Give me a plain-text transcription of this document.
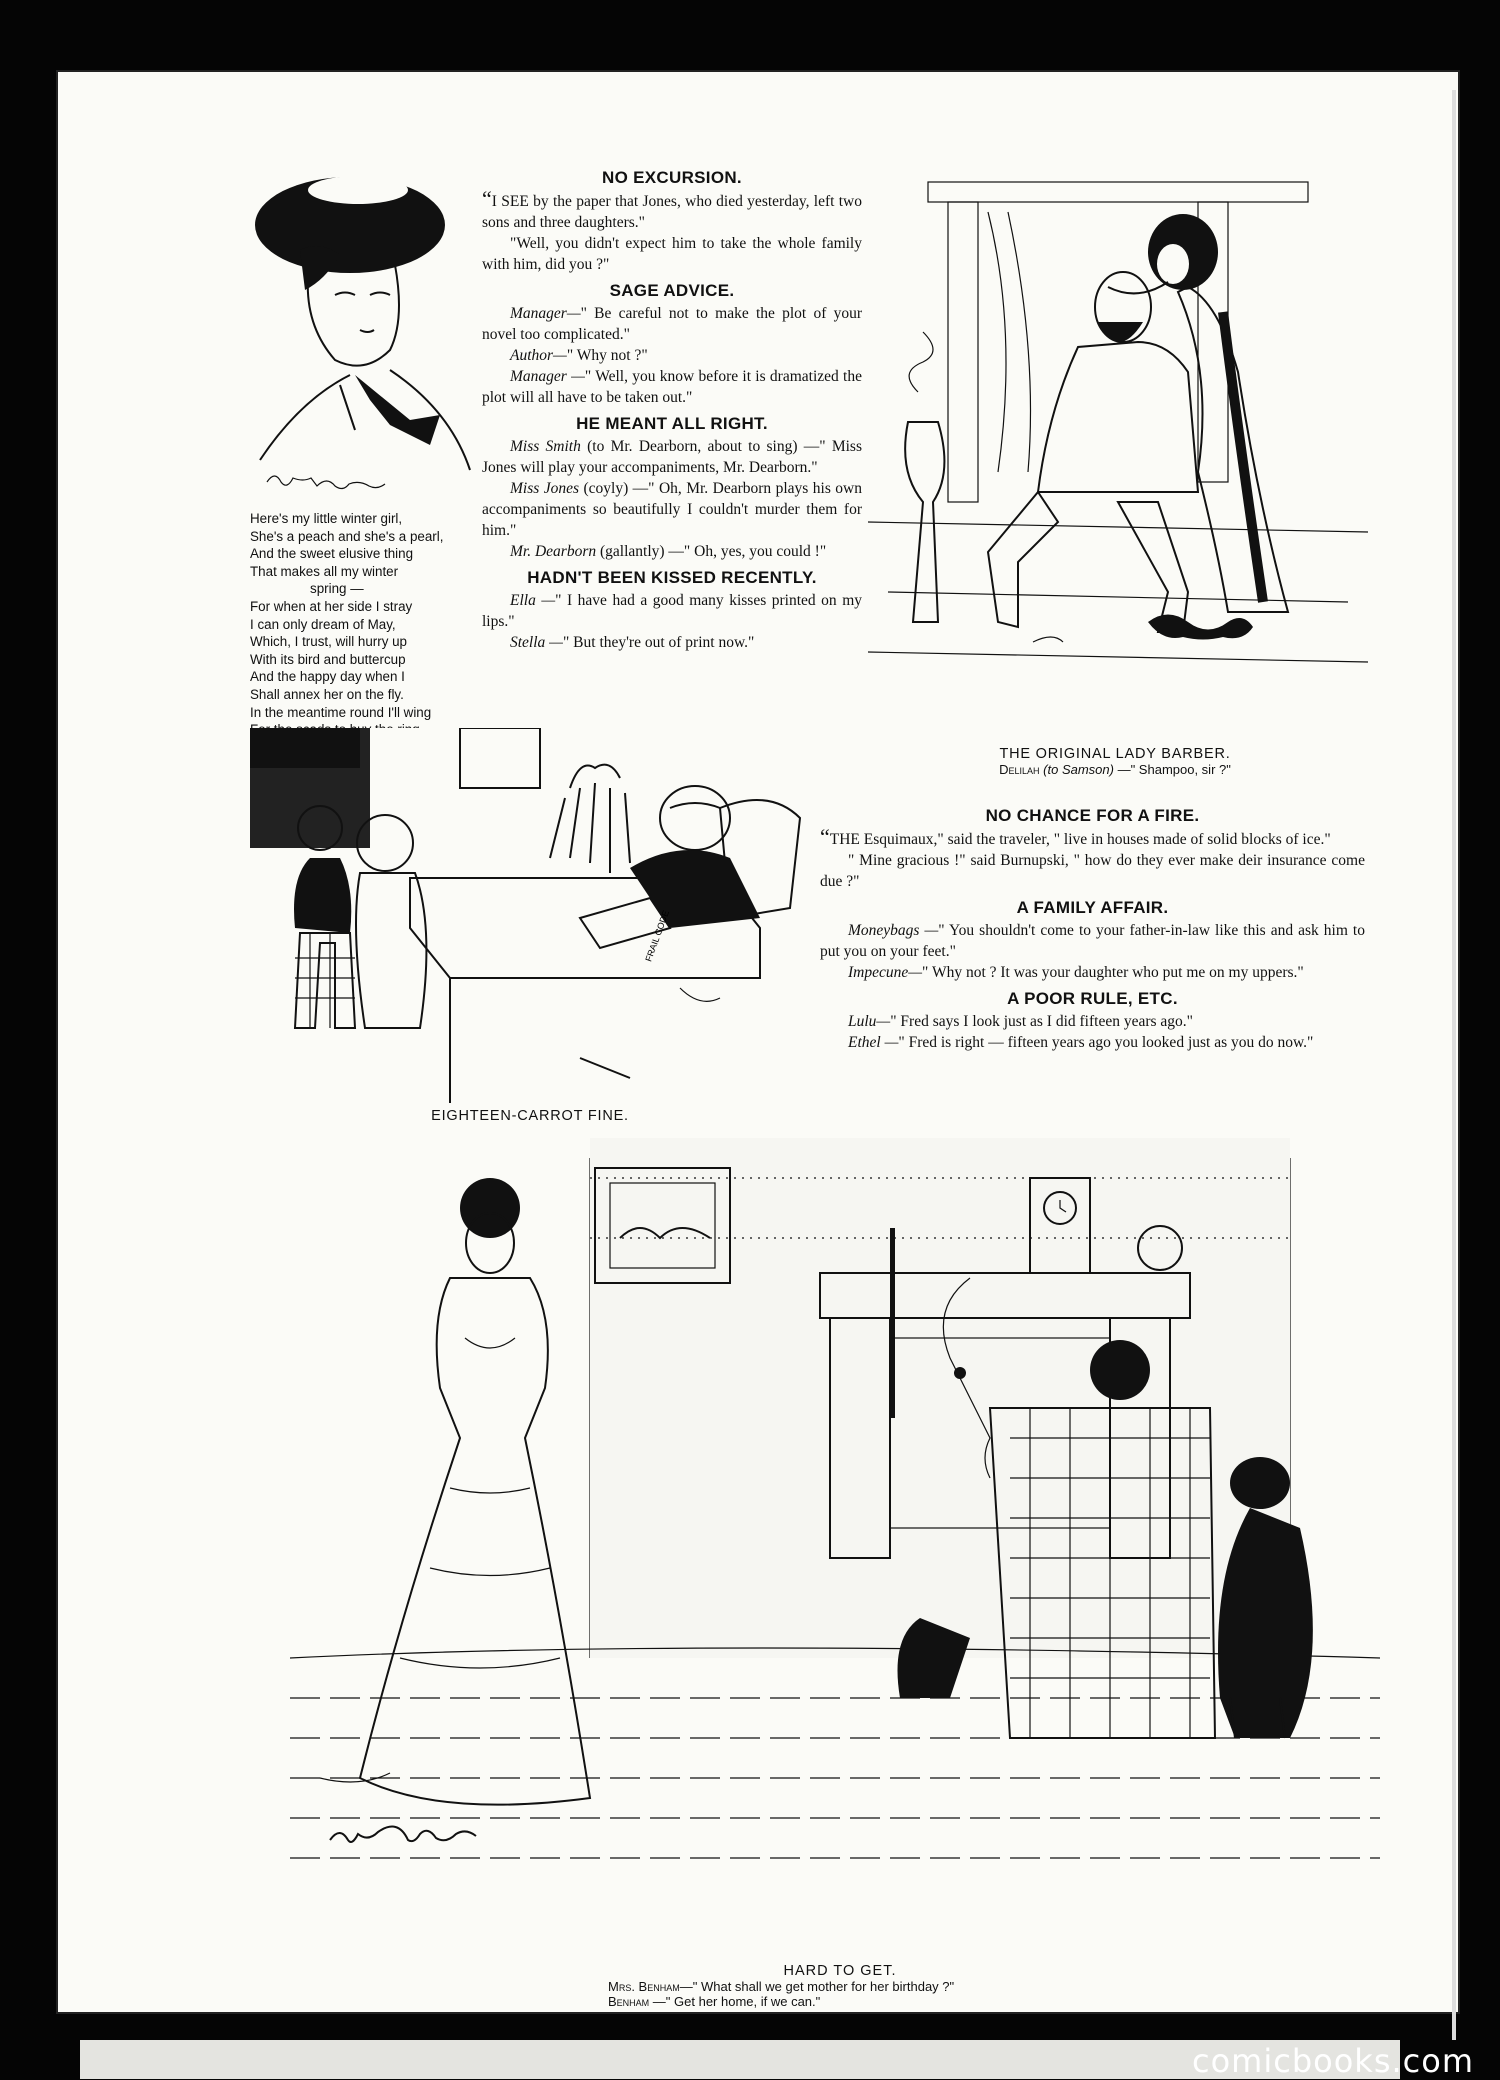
comicbooks.com
Here's my little winter girl,
She's a peach and she's a pearl,
And the sweet elusive thing
That makes all my winter
spring —
For when at her side I stray
I can only dream of May,
Which, I trust, will hurry up
With its bird and buttercup
And the happy day when I
Shall annex her on the fly.
In the meantime round I'll wing
NO EXCURSION.

“I SEE by the paper that Jones, who died yesterday, left two sons and three daughters."

"Well, you didn't expect him to take the whole family with him, did you ?"

SAGE ADVICE.

Manager—" Be careful not to make the plot of your novel too complicated."

Author—" Why not ?"

Manager —" Well, you know before it is dramatized the plot will all have to be taken out."

HE MEANT ALL RIGHT.

Miss Smith (to Mr. Dearborn, about to sing) —" Miss Jones will play your accompaniments, Mr. Dearborn."

Miss Jones (coyly) —" Oh, Mr. Dearborn plays his own accompaniments so beautifully I couldn't murder them for him."

Mr. Dearborn (gallantly) —" Oh, yes, you could !"

HADN'T BEEN KISSED RECENTLY.

Ella —" I have had a good many kisses printed on my lips."

Stella —" But they're out of print now."

THE ORIGINAL LADY BARBER.
Delilah (to Samson) —" Shampoo, sir ?"
FRAIL CODE
EIGHTEEN-CARROT FINE.
NO CHANCE FOR A FIRE.

“THE Esquimaux," said the traveler, " live in houses made of solid blocks of ice."

" Mine gracious !" said Burnupski, " how do they ever make deir insurance come due ?"

A FAMILY AFFAIR.

Moneybags —" You shouldn't come to your father-in-law like this and ask him to put you on your feet."

Impecune—" Why not ? It was your daughter who put me on my uppers."

A POOR RULE, ETC.

Lulu—" Fred says I look just as I did fifteen years ago."

Ethel —" Fred is right — fifteen years ago you looked just as you do now."

HARD TO GET.
Mrs. Benham—" What shall we get mother for her birthday ?"
Benham —" Get her home, if we can."
